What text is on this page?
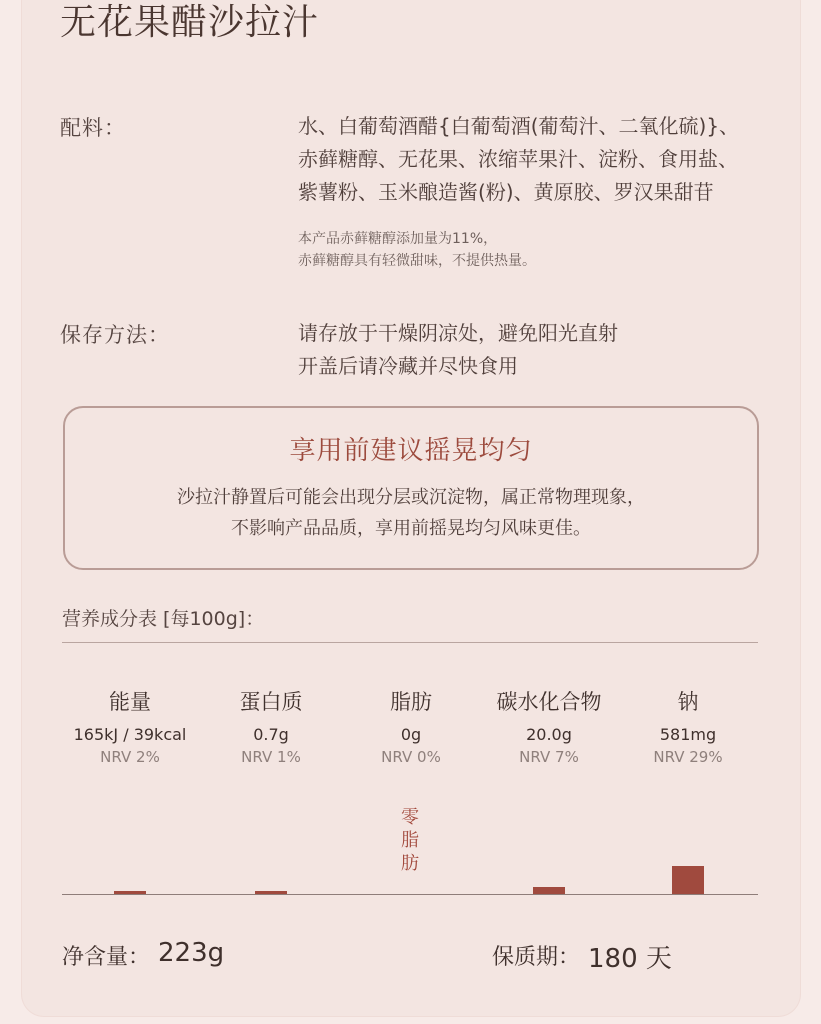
无花果醋沙拉汁
配料：	水、白葡萄酒醋{白葡萄酒(葡萄汁、二氧化硫)}、
赤藓糖醇、无花果、浓缩苹果汁、淀粉、食用盐、
紫薯粉、玉米酿造酱(粉)、黄原胶、罗汉果甜苷
本产品赤藓糖醇添加量为11%，
赤藓糖醇具有轻微甜味，不提供热量。
保存方法：	请存放于干燥阴凉处，避免阳光直射
开盖后请冷藏并尽快食用
享用前建议摇晃均匀
沙拉汁静置后可能会出现分层或沉淀物，属正常物理现象，
不影响产品品质，享用前摇晃均匀风味更佳。
营养成分表 [每100g]：
能量
165kJ / 39kcal
NRV 2%
蛋白质
0.7g
NRV 1%
脂肪
0g
NRV 0%
碳水化合物
20.0g
NRV 7%
钠
581mg
NRV 29%
零脂肪
净含量： 223g	保质期： 180 天
